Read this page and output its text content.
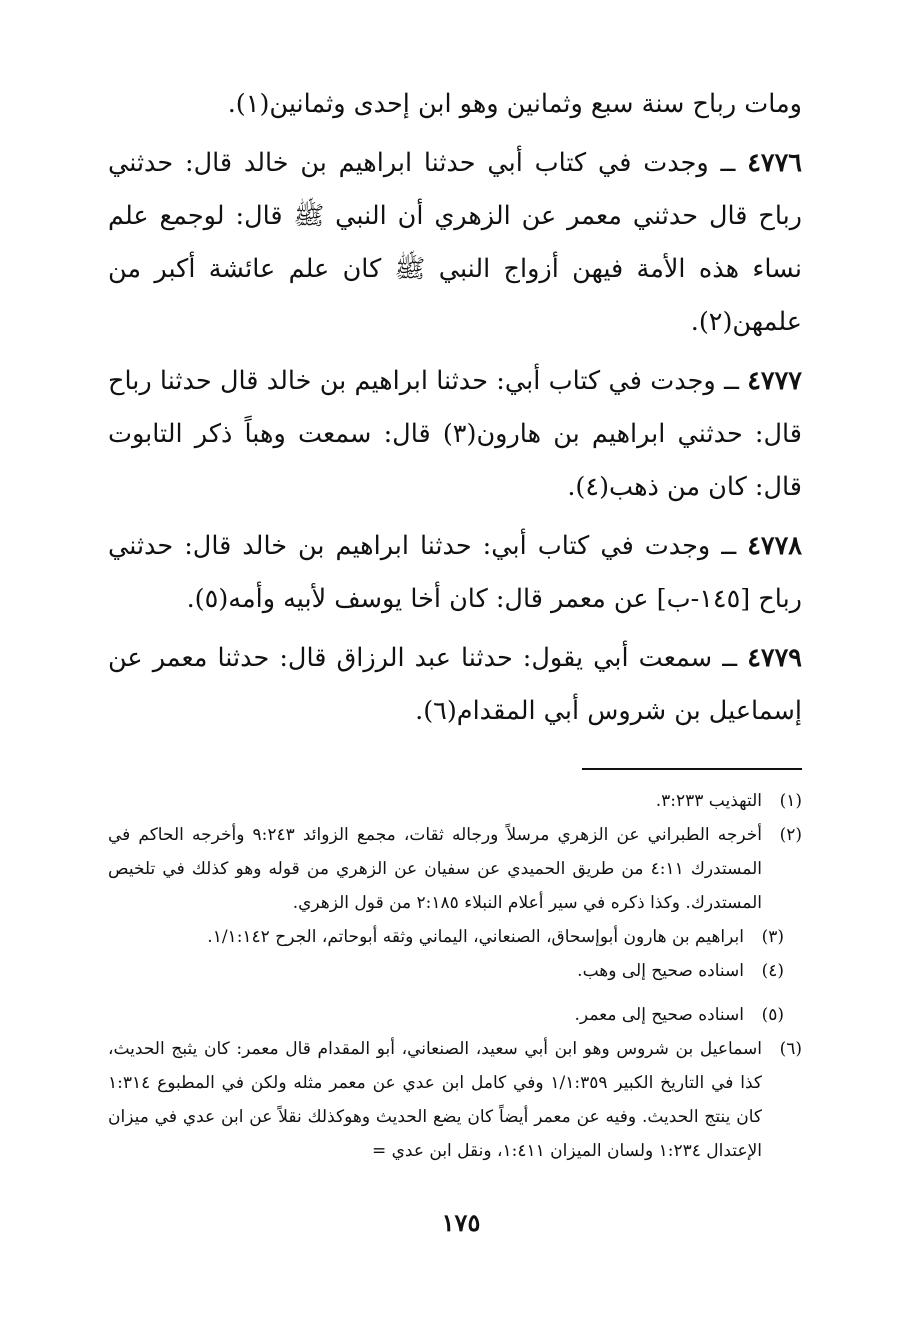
ومات رباح سنة سبع وثمانين وهو ابن إحدى وثمانين(١).

٤٧٧٦ ــ وجدت في كتاب أبي حدثنا ابراهيم بن خالد قال: حدثني رباح قال حدثني معمر عن الزهري أن النبي ﷺ قال: لوجمع علم نساء هذه الأمة فيهن أزواج النبي ﷺ كان علم عائشة أكبر من علمهن(٢).

٤٧٧٧ ــ وجدت في كتاب أبي: حدثنا ابراهيم بن خالد قال حدثنا رباح قال: حدثني ابراهيم بن هارون(٣) قال: سمعت وهباً ذكر التابوت قال: كان من ذهب(٤).

٤٧٧٨ ــ وجدت في كتاب أبي: حدثنا ابراهيم بن خالد قال: حدثني رباح [١٤٥-ب] عن معمر قال: كان أخا يوسف لأبيه وأمه(٥).

٤٧٧٩ ــ سمعت أبي يقول: حدثنا عبد الرزاق قال: حدثنا معمر عن إسماعيل بن شروس أبي المقدام(٦).

(١)
التهذيب ٣:٢٣٣.
(٢)
أخرجه الطبراني عن الزهري مرسلاً ورجاله ثقات، مجمع الزوائد ٩:٢٤٣ وأخرجه الحاكم في المستدرك ٤:١١ من طريق الحميدي عن سفيان عن الزهري من قوله وهو كذلك في تلخيص المستدرك. وكذا ذكره في سير أعلام النبلاء ٢:١٨٥ من قول الزهري.
(٣)
ابراهيم بن هارون أبوإسحاق، الصنعاني، اليماني وثقه أبوحاتم، الجرح ١/١:١٤٢.
(٤)
اسناده صحيح إلى وهب.
(٥)
اسناده صحيح إلى معمر.
(٦)
اسماعيل بن شروس وهو ابن أبي سعيد، الصنعاني، أبو المقدام قال معمر: كان يثبج الحديث، كذا في التاريخ الكبير ١/١:٣٥٩ وفي كامل ابن عدي عن معمر مثله ولكن في المطبوع ١:٣١٤ كان ينتج الحديث. وفيه عن معمر أيضاً كان يضع الحديث وهوكذلك نقلاً عن ابن عدي في ميزان الإعتدال ١:٢٣٤ ولسان الميزان ١:٤١١، ونقل ابن عدي =
١٧٥
